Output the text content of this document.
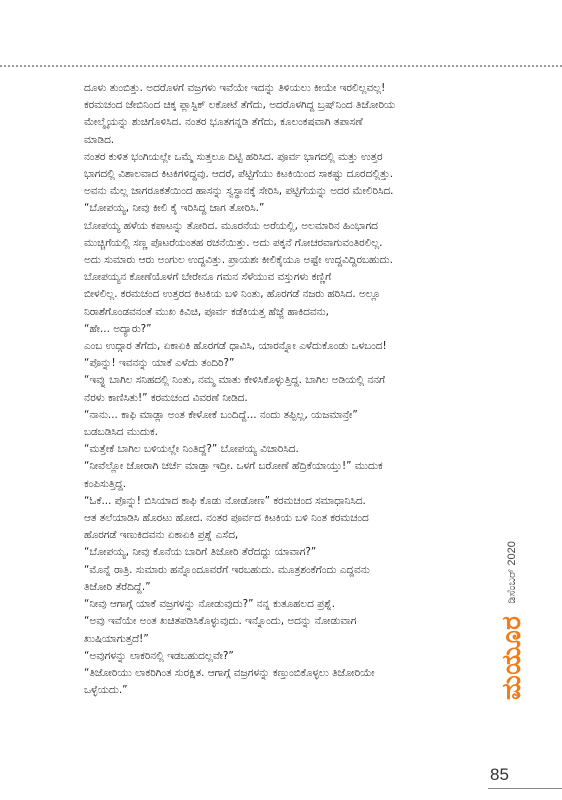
ದೂಳು ತುಂಬಿತ್ತು. ಅದರೊಳಗೆ ವಜ್ರಗಳು ಇವೆಯೇ ಇದನ್ನು ತಿಳಿಯಲು ಕೀಯೇ ಇರಲಿಲ್ಲವಲ್ಲ!

ಕರಮಚಂದ ಜೇಬಿನಿಂದ ಚಿಕ್ಕ ಪ್ಲಾಸ್ಟಿಕ್ ಲಕೋಟೆ ತೆಗೆದು, ಅದರೊಳಗಿದ್ದ ಬ್ರಷ್‌ನಿಂದ ತಿಜೋರಿಯ

ಮೇಲ್ಮೈಯನ್ನು ಶುಚಿಗೊಳಿಸಿದ. ನಂತರ ಭೂತಗನ್ನಡಿ ತೆಗೆದು, ಕೂಲಂಕಷವಾಗಿ ತಪಾಸಣೆ

ಮಾಡಿದ.

ನಂತರ ಕುಳಿತ ಭಂಗಿಯಲ್ಲೇ ಒಮ್ಮೆ ಸುತ್ತಲೂ ದಿಟ್ಟಿ ಹರಿಸಿದ. ಪೂರ್ವ ಭಾಗದಲ್ಲಿ ಮತ್ತು ಉತ್ತರ

ಭಾಗದಲ್ಲಿ ವಿಶಾಲವಾದ ಕಿಟಕಿಗಳಿದ್ದವು. ಆದರೆ, ಪೆಟ್ಟಿಗೆಯು ಕಿಟಕಿಯಿಂದ ಸಾಕಷ್ಟು ದೂರದಲ್ಲಿತ್ತು.

ಅವನು ಮೆಲ್ಲ ಜಾಗರೂಕತೆಯಿಂದ ಹಾಸನ್ನು ಸ್ವಸ್ಥಾನಕ್ಕೆ ಸೇರಿಸಿ, ಪಟ್ಟಿಗೆಯನ್ನು ಅದರ ಮೇಲಿರಿಸಿದ.

“ಬೋಪಯ್ಯ, ನೀವು ಕೀಲಿ ಕೈ ಇರಿಸಿದ್ದ ಜಾಗ ತೋರಿಸಿ.”

ಬೋಪಯ್ಯ ಹಳೆಯ ಕಪಾಟನ್ನು ತೋರಿದ. ಮೂರನೆಯ ಅರೆಯಲ್ಲಿ, ಅಲಮಾರಿನ ಹಿಂಭಾಗದ

ಮುಚ್ಚಿಗೆಯಲ್ಲಿ ಸಣ್ಣ ಪೊಟರೆಯಂತಹ ರಚನೆಯಿತ್ತು. ಅದು ಪಕ್ಕನೆ ಗೋಚರವಾಗುವಂತಿರಲಿಲ್ಲ.

ಅದು ಸುಮಾರು ಆರು ಅಂಗುಲ ಉದ್ದವಿತ್ತು. ಪ್ರಾಯಶಃ ಕೀಲಿಕೈಯೂ ಅಷ್ಟೇ ಉದ್ದವಿದ್ದಿರಬಹುದು.

ಬೋಪಯ್ಯನ ಕೋಣೆಯೊಳಗೆ ಬೇರೇನೂ ಗಮನ ಸೆಳೆಯುವ ವಸ್ತುಗಳು ಕಣ್ಣಿಗೆ

ಬೀಳಲಿಲ್ಲ. ಕರಮಚಂದ ಉತ್ತರದ ಕಿಟಕಿಯ ಬಳಿ ನಿಂತು, ಹೊರಗಡೆ ನಜರು ಹರಿಸಿದ. ಅಲ್ಲೂ

ನಿರಾಶೆಗೊಂಡವನಂತೆ ಮುಖ ಕಿವಿಚಿ, ಪೂರ್ವ ಕಡೆಕಿಯತ್ತ ಹೆಜ್ಜೆ ಹಾಕಿದವನು,

“ಹೇ... ಅದ್ಯಾರು?”

ಎಂಬ ಉದ್ಗಾರ ತೆಗೆದು, ಏಕಾಏಕಿ ಹೊರಗಡೆ ಧಾವಿಸಿ, ಯಾರನ್ನೋ ಎಳೆದುಕೊಂಡು ಒಳಬಂದ!

“ಪೊನ್ನು! ಇವನನ್ನು ಯಾಕೆ ಎಳೆದು ತಂದಿರಿ?”

“ಇವ್ನು ಬಾಗಿಲ ಸನಿಹದಲ್ಲಿ ನಿಂತು, ನಮ್ಮ ಮಾತು ಕೇಳಿಸಿಕೊಳ್ಳುತ್ತಿದ್ದ. ಬಾಗಿಲ ಅಡಿಯಲ್ಲಿ ನನಗೆ

ನೆರಳು ಕಾಣಿಸಿತು!” ಕರಮಚಂದ ವಿವರಣೆ ನೀಡಿದ.

“ನಾನು... ಕಾಫಿ ಮಾಡ್ಲಾ ಅಂತ ಕೇಳೋಕೆ ಬಂದಿದ್ದೆ... ನಂದು ತಪ್ಪಿಲ್ಲ, ಯಜಮಾನ್ರೇ”

ಬಡಬಡಿಸಿದ ಮುದುಕ.

“ಮತ್ತೇಕೆ ಬಾಗಿಲ ಬಳಿಯಲ್ಲೇ ನಿಂತಿದ್ದೆ?” ಬೋಪಯ್ಯ ವಿಚಾರಿಸಿದ.

“ನೀವೆಲ್ಲೋ ಜೋರಾಗಿ ಚರ್ಚೆ ಮಾಡ್ತಾ ಇದ್ರೀ. ಒಳಗೆ ಬರೋಣೆ ಹೆದ್ರಿಕೆಯಾಯ್ತು!” ಮುದುಕ

ಕಂಪಿಸುತ್ತಿದ್ದ.

“ಓಕೆ... ಪೊನ್ನು! ಬಿಸಿಯಾದ ಕಾಫಿ ಕೊಡು ನೋಡೋಣ” ಕರಮಚಂದ ಸಮಾಧಾನಿಸಿದ.

ಆತ ತಲೆಯಾಡಿಸಿ ಹೊರಟು ಹೋದ. ನಂತರ ಪೂರ್ವದ ಕಿಟಕಿಯ ಬಳಿ ನಿಂತ ಕರಮಚಂದ

ಹೊರಗಡೆ ಇಣುಕಿದವನು ಏಕಾಏಕಿ ಪ್ರಶ್ನೆ ಎಸೆದ,

“ಬೋಪಯ್ಯ, ನೀವು ಕೊನೆಯ ಬಾರಿಗೆ ತಿಜೋರಿ ತೆರೆದದ್ದು ಯಾವಾಗ?”

“ಮೊನ್ನೆ ರಾತ್ರಿ. ಸುಮಾರು ಹನ್ನೊಂದೂವರೆಗೆ ಇರಬಹುದು. ಮೂತ್ರಶಂಕೆಗೆಂದು ಎದ್ದವನು

ತಿಜೋರಿ ತೆರೆದಿದ್ದೆ.”

“ನೀವು ಆಗಾಗ್ಗೆ ಯಾಕೆ ವಜ್ರಗಳನ್ನು ನೋಡುವುದು?” ನನ್ನ ಕುತೂಹಲದ ಪ್ರಶ್ನೆ.

“ಅವು ಇವೆಯೇ ಅಂತ ಖಚಿತಪಡಿಸಿಕೊಳ್ಳುವುದು. ಇನ್ನೊಂದು, ಅದನ್ನು ನೋಡುವಾಗ

ಖುಷಿಯಾಗುತ್ತದೆ!”

“ಅವುಗಳನ್ನು ಲಾಕರಿನಲ್ಲಿ ಇಡಬಹುದಲ್ಲವೇ?”

“ತಿಜೋರಿಯು ಲಾಕರಿಗಿಂತ ಸುರಕ್ಷಿತ. ಆಗಾಗ್ಗೆ ವಜ್ರಗಳನ್ನು ಕಣ್ತುಂಬಿಕೊಳ್ಳಲು ತಿಜೋರಿಯೇ

ಒಳ್ಳೆಯದು.”	ಮಯೂರ
ಡಿಸೆಂಬರ್ 2020
85
